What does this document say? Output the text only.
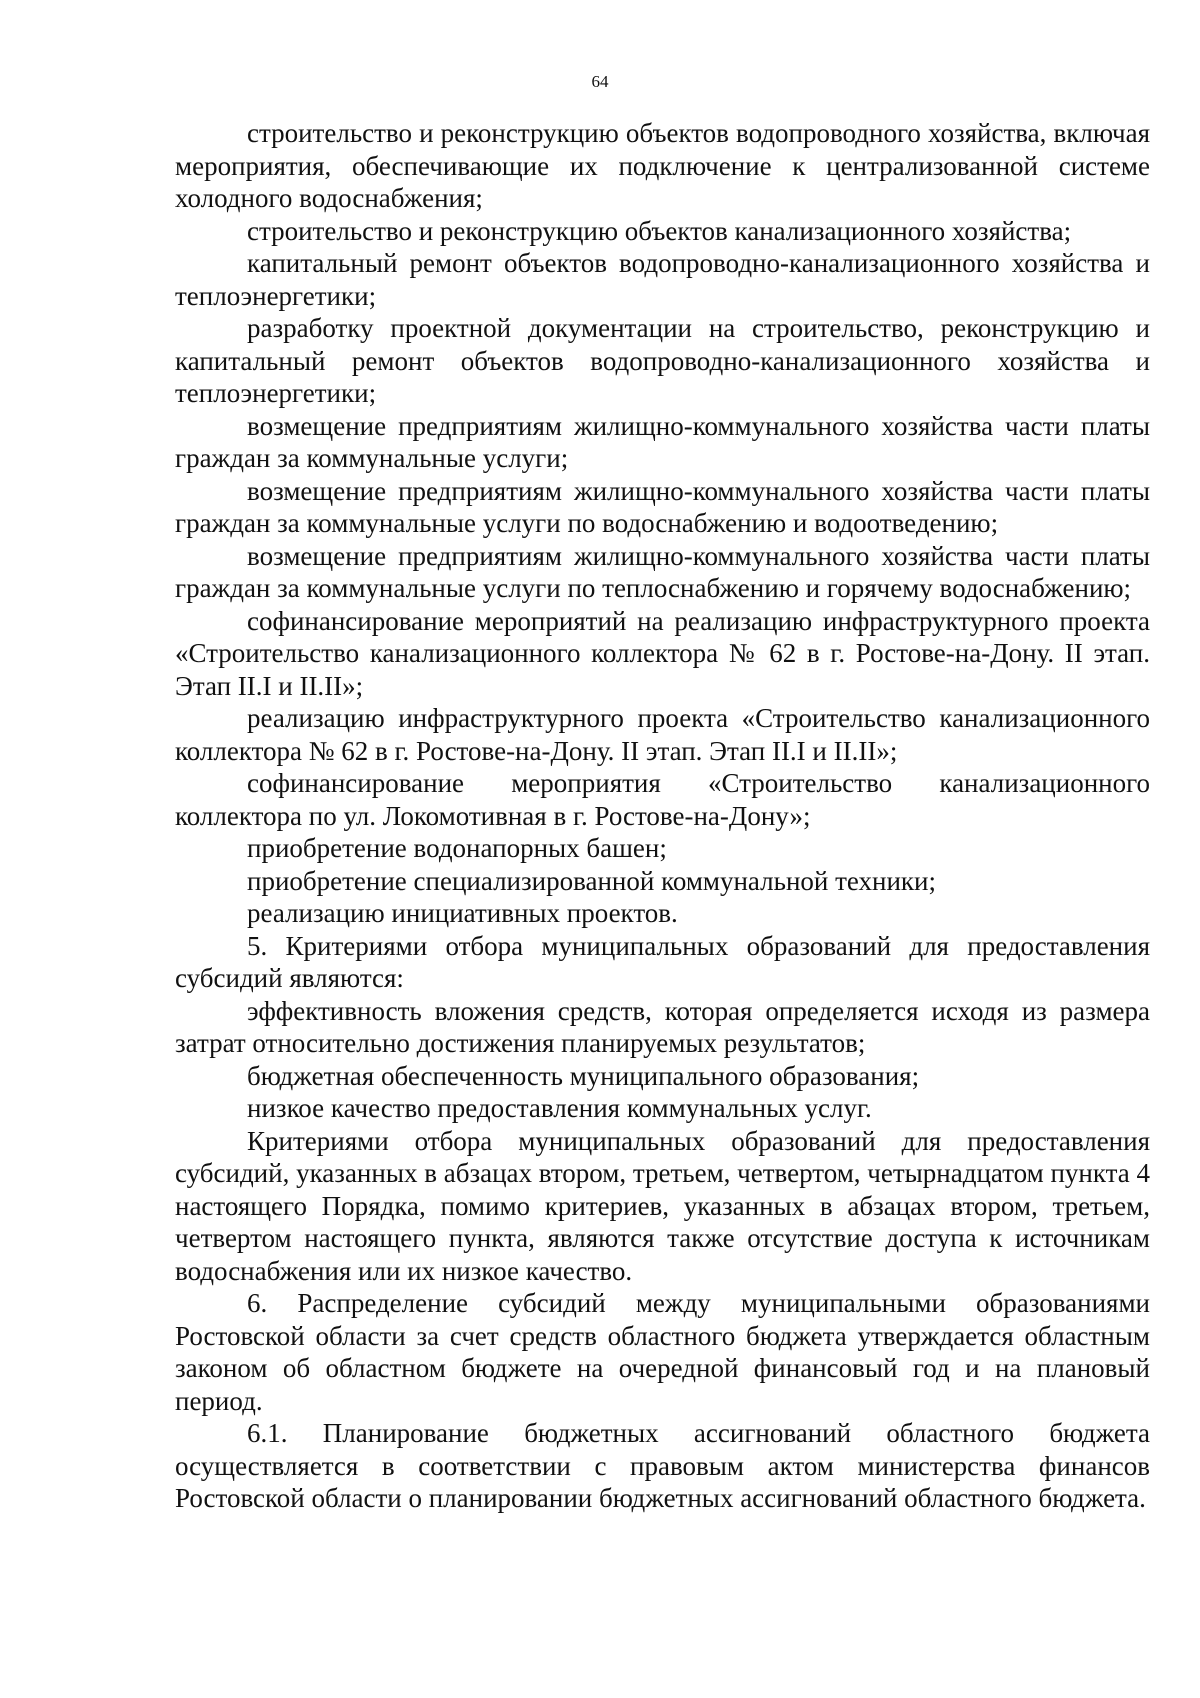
64

строительство и реконструкцию объектов водопроводного хозяйства, включая мероприятия, обеспечивающие их подключение к централизованной системе холодного водоснабжения;

строительство и реконструкцию объектов канализационного хозяйства;

капитальный ремонт объектов водопроводно-канализационного хозяйства и теплоэнергетики;

разработку проектной документации на строительство, реконструкцию и капитальный ремонт объектов водопроводно-канализационного хозяйства и теплоэнергетики;

возмещение предприятиям жилищно-коммунального хозяйства части платы граждан за коммунальные услуги;

возмещение предприятиям жилищно-коммунального хозяйства части платы граждан за коммунальные услуги по водоснабжению и водоотведению;

возмещение предприятиям жилищно-коммунального хозяйства части платы граждан за коммунальные услуги по теплоснабжению и горячему водоснабжению;

софинансирование мероприятий на реализацию инфраструктурного проекта «Строительство канализационного коллектора № 62 в г. Ростове-на-Дону. II этап. Этап II.I и II.II»;

реализацию инфраструктурного проекта «Строительство канализационного коллектора № 62 в г. Ростове-на-Дону. II этап. Этап II.I и II.II»;

софинансирование мероприятия «Строительство канализационного коллектора по ул. Локомотивная в г. Ростове-на-Дону»;

приобретение водонапорных башен;

приобретение специализированной коммунальной техники;

реализацию инициативных проектов.

5. Критериями отбора муниципальных образований для предоставления субсидий являются:

эффективность вложения средств, которая определяется исходя из размера затрат относительно достижения планируемых результатов;

бюджетная обеспеченность муниципального образования;

низкое качество предоставления коммунальных услуг.

Критериями отбора муниципальных образований для предоставления субсидий, указанных в абзацах втором, третьем, четвертом, четырнадцатом пункта 4 настоящего Порядка, помимо критериев, указанных в абзацах втором, третьем, четвертом настоящего пункта, являются также отсутствие доступа к источникам водоснабжения или их низкое качество.

6. Распределение субсидий между муниципальными образованиями Ростовской области за счет средств областного бюджета утверждается областным законом об областном бюджете на очередной финансовый год и на плановый период.

6.1. Планирование бюджетных ассигнований областного бюджета осуществляется в соответствии с правовым актом министерства финансов Ростовской области о планировании бюджетных ассигнований областного бюджета.
